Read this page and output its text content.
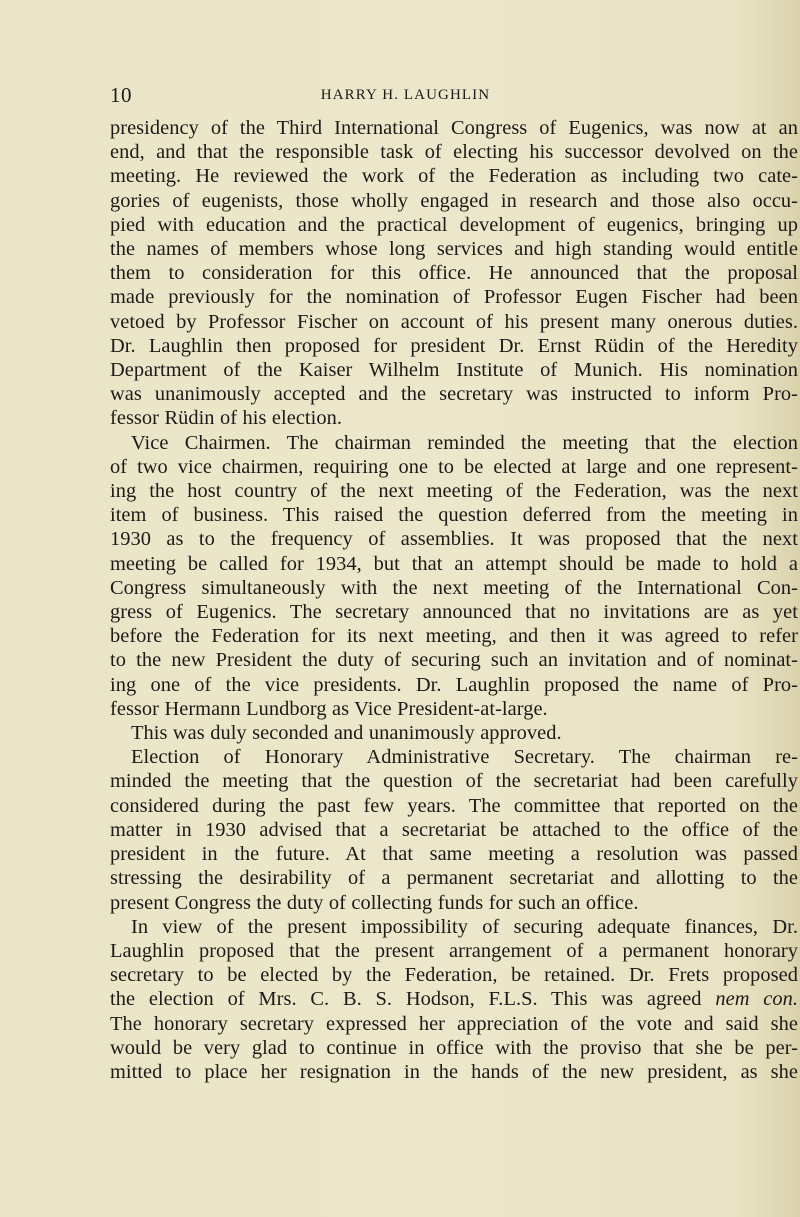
10	HARRY H. LAUGHLIN

presidency of the Third International Congress of Eugenics, was now at an

end, and that the responsible task of electing his successor devolved on the

meeting. He reviewed the work of the Federation as including two cate-

gories of eugenists, those wholly engaged in research and those also occu-

pied with education and the practical development of eugenics, bringing up

the names of members whose long services and high standing would entitle

them to consideration for this office. He announced that the proposal

made previously for the nomination of Professor Eugen Fischer had been

vetoed by Professor Fischer on account of his present many onerous duties.

Dr. Laughlin then proposed for president Dr. Ernst Rüdin of the Heredity

Department of the Kaiser Wilhelm Institute of Munich. His nomination

was unanimously accepted and the secretary was instructed to inform Pro-

fessor Rüdin of his election.

Vice Chairmen. The chairman reminded the meeting that the election

of two vice chairmen, requiring one to be elected at large and one represent-

ing the host country of the next meeting of the Federation, was the next

item of business. This raised the question deferred from the meeting in

1930 as to the frequency of assemblies. It was proposed that the next

meeting be called for 1934, but that an attempt should be made to hold a

Congress simultaneously with the next meeting of the International Con-

gress of Eugenics. The secretary announced that no invitations are as yet

before the Federation for its next meeting, and then it was agreed to refer

to the new President the duty of securing such an invitation and of nominat-

ing one of the vice presidents. Dr. Laughlin proposed the name of Pro-

fessor Hermann Lundborg as Vice President-at-large.

This was duly seconded and unanimously approved.

Election of Honorary Administrative Secretary. The chairman re-

minded the meeting that the question of the secretariat had been carefully

considered during the past few years. The committee that reported on the

matter in 1930 advised that a secretariat be attached to the office of the

president in the future. At that same meeting a resolution was passed

stressing the desirability of a permanent secretariat and allotting to the

present Congress the duty of collecting funds for such an office.

In view of the present impossibility of securing adequate finances, Dr.

Laughlin proposed that the present arrangement of a permanent honorary

secretary to be elected by the Federation, be retained. Dr. Frets proposed

the election of Mrs. C. B. S. Hodson, F.L.S. This was agreed nem con.

The honorary secretary expressed her appreciation of the vote and said she

would be very glad to continue in office with the proviso that she be per-

mitted to place her resignation in the hands of the new president, as she
